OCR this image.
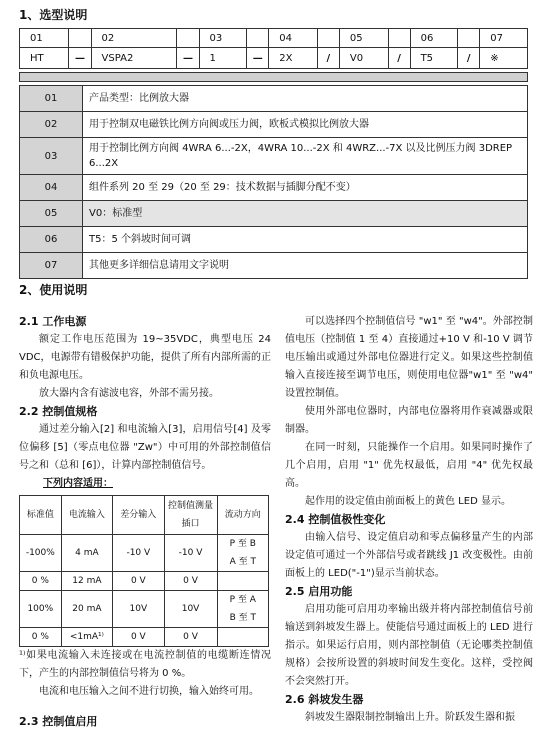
1、选型说明
01		02		03		04		05		06		07
HT	—	VSPA2	—	1	—	2X	/	V0	/	T5	/	※
01	产品类型：比例放大器
02	用于控制双电磁铁比例方向阀或压力阀，欧板式模拟比例放大器
03	用于控制比例方向阀 4WRA 6...-2X，4WRA 10...-2X 和 4WRZ...-7X 以及比例压力阀 3DREP 6...2X
04	组件系列 20 至 29（20 至 29：技术数据与插脚分配不变）
05	V0：标准型
06	T5：5 个斜坡时间可调
07	其他更多详细信息请用文字说明
2、使用说明
2.1 工作电源

额定工作电压范围为 19~35VDC，典型电压 24 VDC，电源带有错极保护功能，提供了所有内部所需的正和负电源电压。

放大器内含有滤波电容，外部不需另接。

2.2 控制值规格

通过差分输入[2] 和电流输入[3]，启用信号[4] 及零位偏移 [5]（零点电位器 "Zw"）中可用的外部控制值信号之和（总和 [6]），计算内部控制值信号。

下列内容适用：
标准值	电流输入	差分输入	控制值测量插口	流动方向
-100%	4 mA	-10 V	-10 V	P 至 B
A 至 T

0 %	12 mA	0 V	0 V	
100%	20 mA	10V	10V	P 至 A
B 至 T

0 %	<1mA¹⁾	0 V	0 V	

¹⁾如果电流输入未连接或在电流控制值的电缆断连情况下，产生的内部控制值信号将为 0 %。

电流和电压输入之间不进行切换，输入始终可用。

2.3 控制值启用

可以选择四个控制值信号 "w1" 至 "w4"。外部控制值电压（控制值 1 至 4）直接通过+10 V 和-10 V 调节电压输出或通过外部电位器进行定义。如果这些控制值输入直接连接至调节电压，则使用电位器"w1" 至 "w4" 设置控制值。

使用外部电位器时，内部电位器将用作衰减器或限制器。

在同一时刻，只能操作一个启用。如果同时操作了几个启用，启用 "1" 优先权最低，启用 "4" 优先权最高。

起作用的设定值由前面板上的黄色 LED 显示。

2.4 控制值极性变化

由输入信号、设定值启动和零点偏移量产生的内部设定值可通过一个外部信号或者跳线 J1 改变极性。由前面板上的 LED("-1")显示当前状态。

2.5 启用功能

启用功能可启用功率输出级并将内部控制值信号前输送到斜坡发生器上。使能信号通过面板上的 LED 进行指示。如果运行启用，则内部控制值（无论哪类控制值规格）会按所设置的斜坡时间发生变化。这样，受控阀不会突然打开。

2.6 斜坡发生器

斜坡发生器限制控制输出上升。阶跃发生器和振
